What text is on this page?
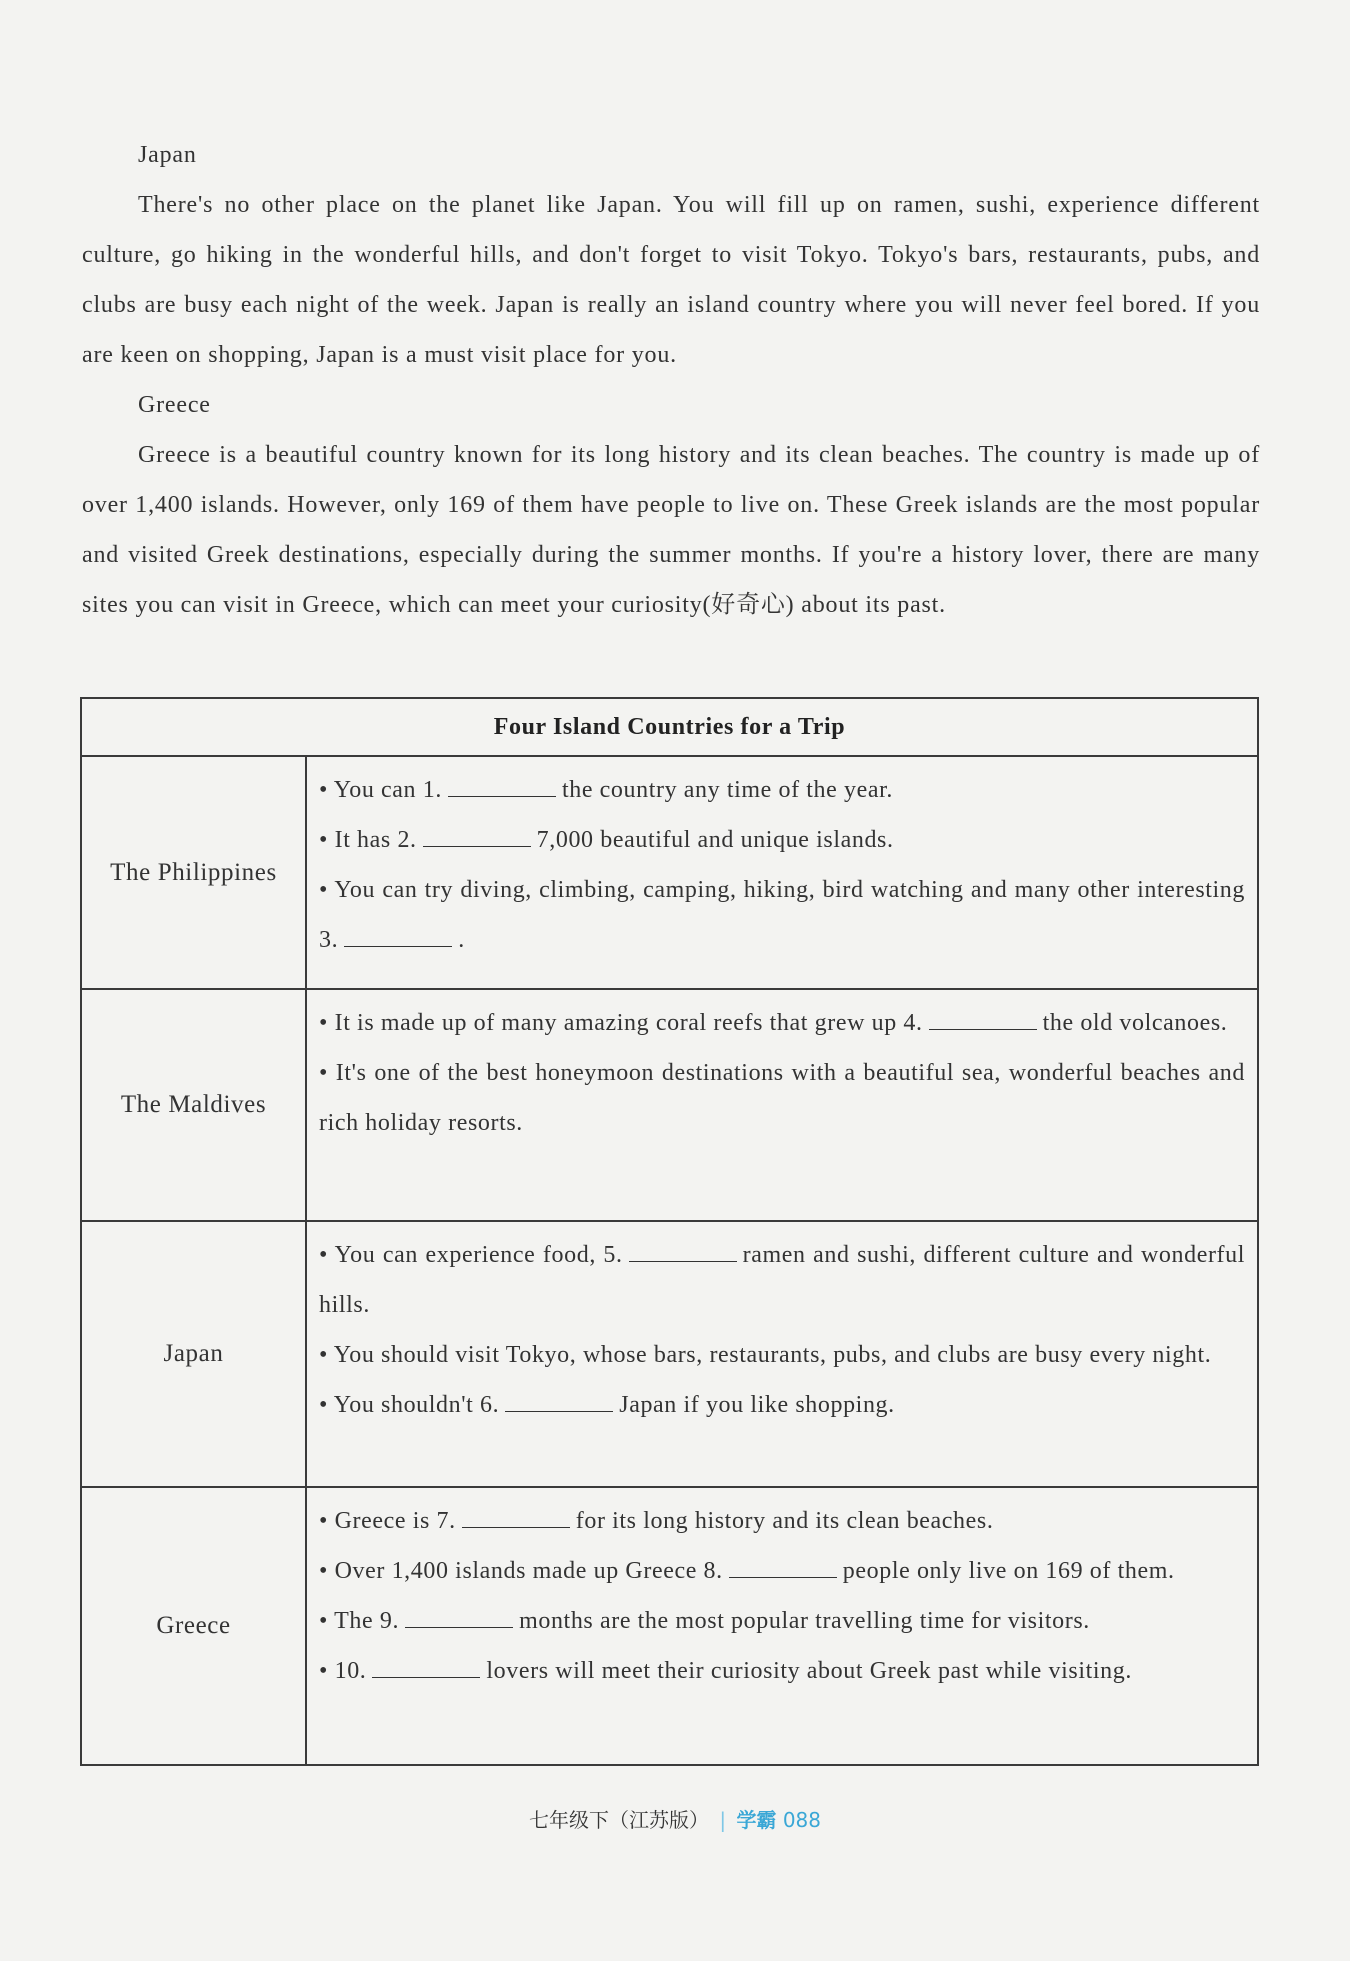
Japan

There's no other place on the planet like Japan. You will fill up on ramen, sushi, experience different culture, go hiking in the wonderful hills, and don't forget to visit Tokyo. Tokyo's bars, restaurants, pubs, and clubs are busy each night of the week. Japan is really an island country where you will never feel bored. If you are keen on shopping, Japan is a must visit place for you.

Greece

Greece is a beautiful country known for its long history and its clean beaches. The country is made up of over 1,400 islands. However, only 169 of them have people to live on. These Greek islands are the most popular and visited Greek destinations, especially during the summer months. If you're a history lover, there are many sites you can visit in Greece, which can meet your curiosity(好奇心) about its past.

Four Island Countries for a Trip	
The Philippines	• You can 1. the country any time of the year.

• It has 2. 7,000 beautiful and unique islands.

• You can try diving, climbing, camping, hiking, bird watching and many other interesting 3. .

The Maldives	• It is made up of many amazing coral reefs that grew up 4. the old volcanoes.

• It's one of the best honeymoon destinations with a beautiful sea, wonderful beaches and rich holiday resorts.

Japan	• You can experience food, 5. ramen and sushi, different culture and wonderful hills.

• You should visit Tokyo, whose bars, restaurants, pubs, and clubs are busy every night.

• You shouldn't 6. Japan if you like shopping.

Greece	• Greece is 7. for its long history and its clean beaches.

• Over 1,400 islands made up Greece 8. people only live on 169 of them.

• The 9. months are the most popular travelling time for visitors.

• 10. lovers will meet their curiosity about Greek past while visiting.

七年级下（江苏版） | 学霸 088
